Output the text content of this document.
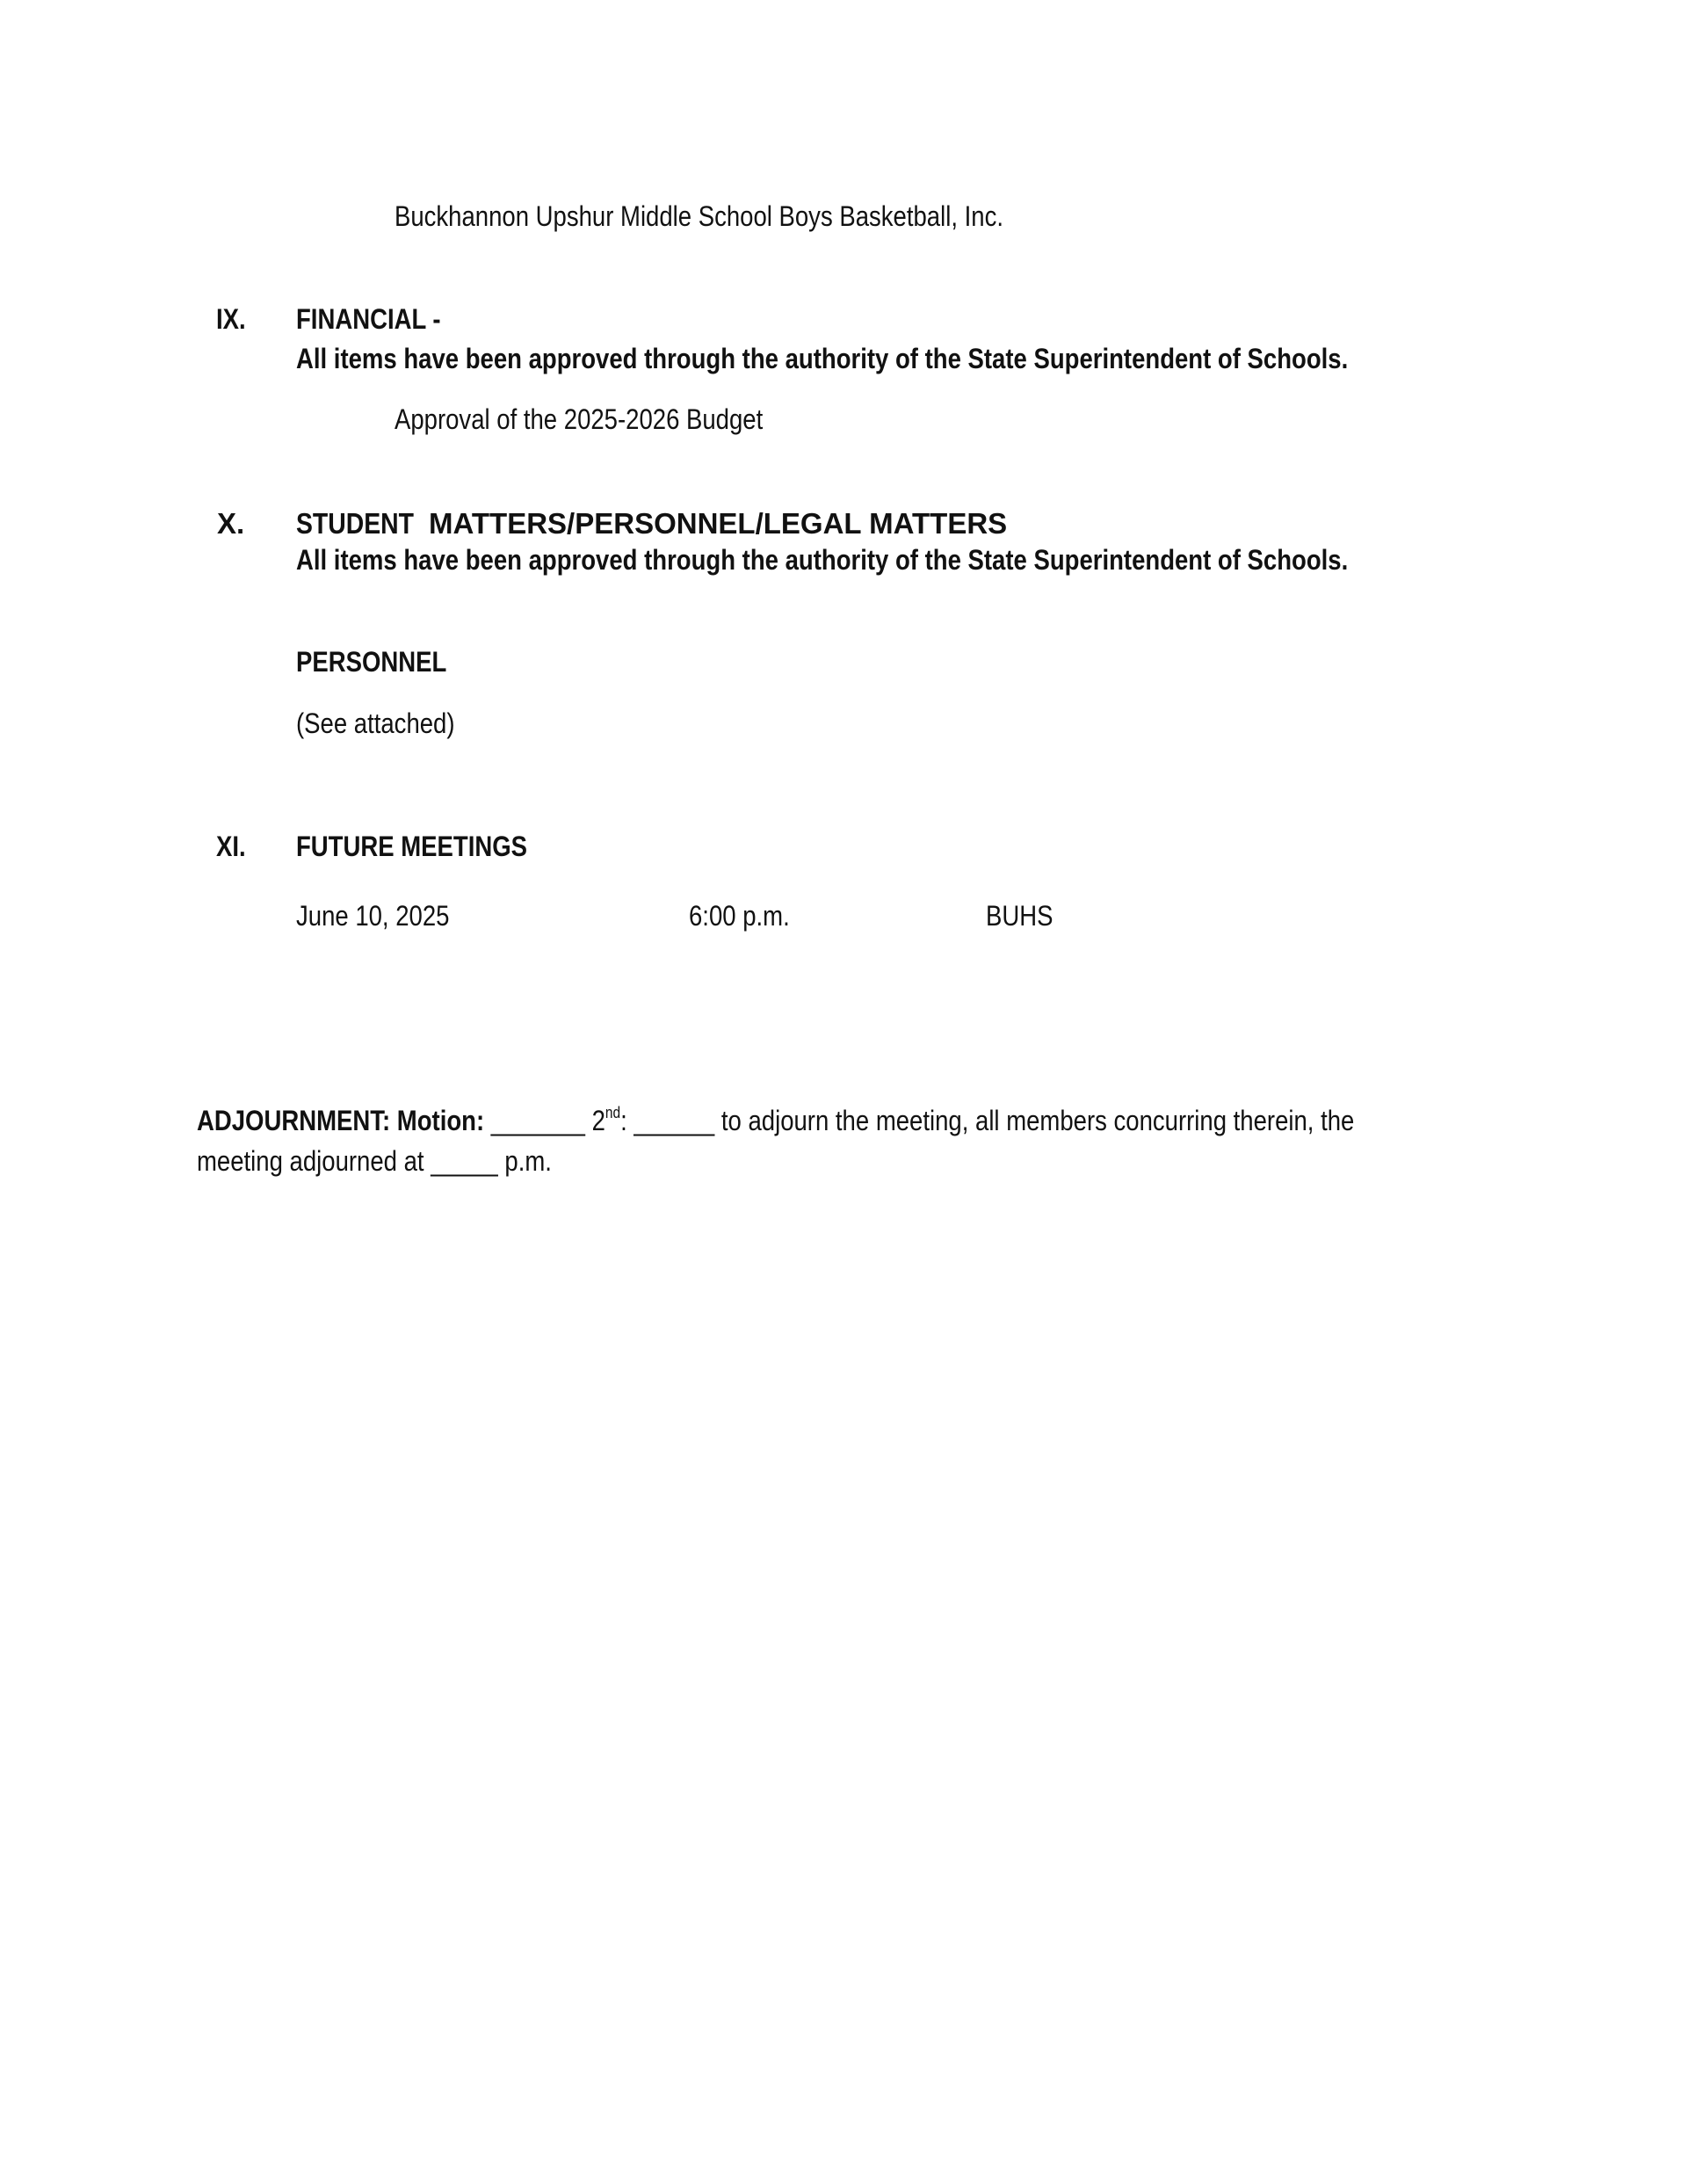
Buckhannon Upshur Middle School Boys Basketball, Inc.
IX. FINANCIAL -
All items have been approved through the authority of the State Superintendent of Schools.
Approval of the 2025-2026 Budget
X. STUDENT MATTERS/PERSONNEL/LEGAL MATTERS
All items have been approved through the authority of the State Superintendent of Schools.
PERSONNEL
(See attached)
XI. FUTURE MEETINGS
June 10, 2025	6:00 p.m.	BUHS
ADJOURNMENT: Motion: _______ 2nd: ______ to adjourn the meeting, all members concurring therein, the
meeting adjourned at _____ p.m.
